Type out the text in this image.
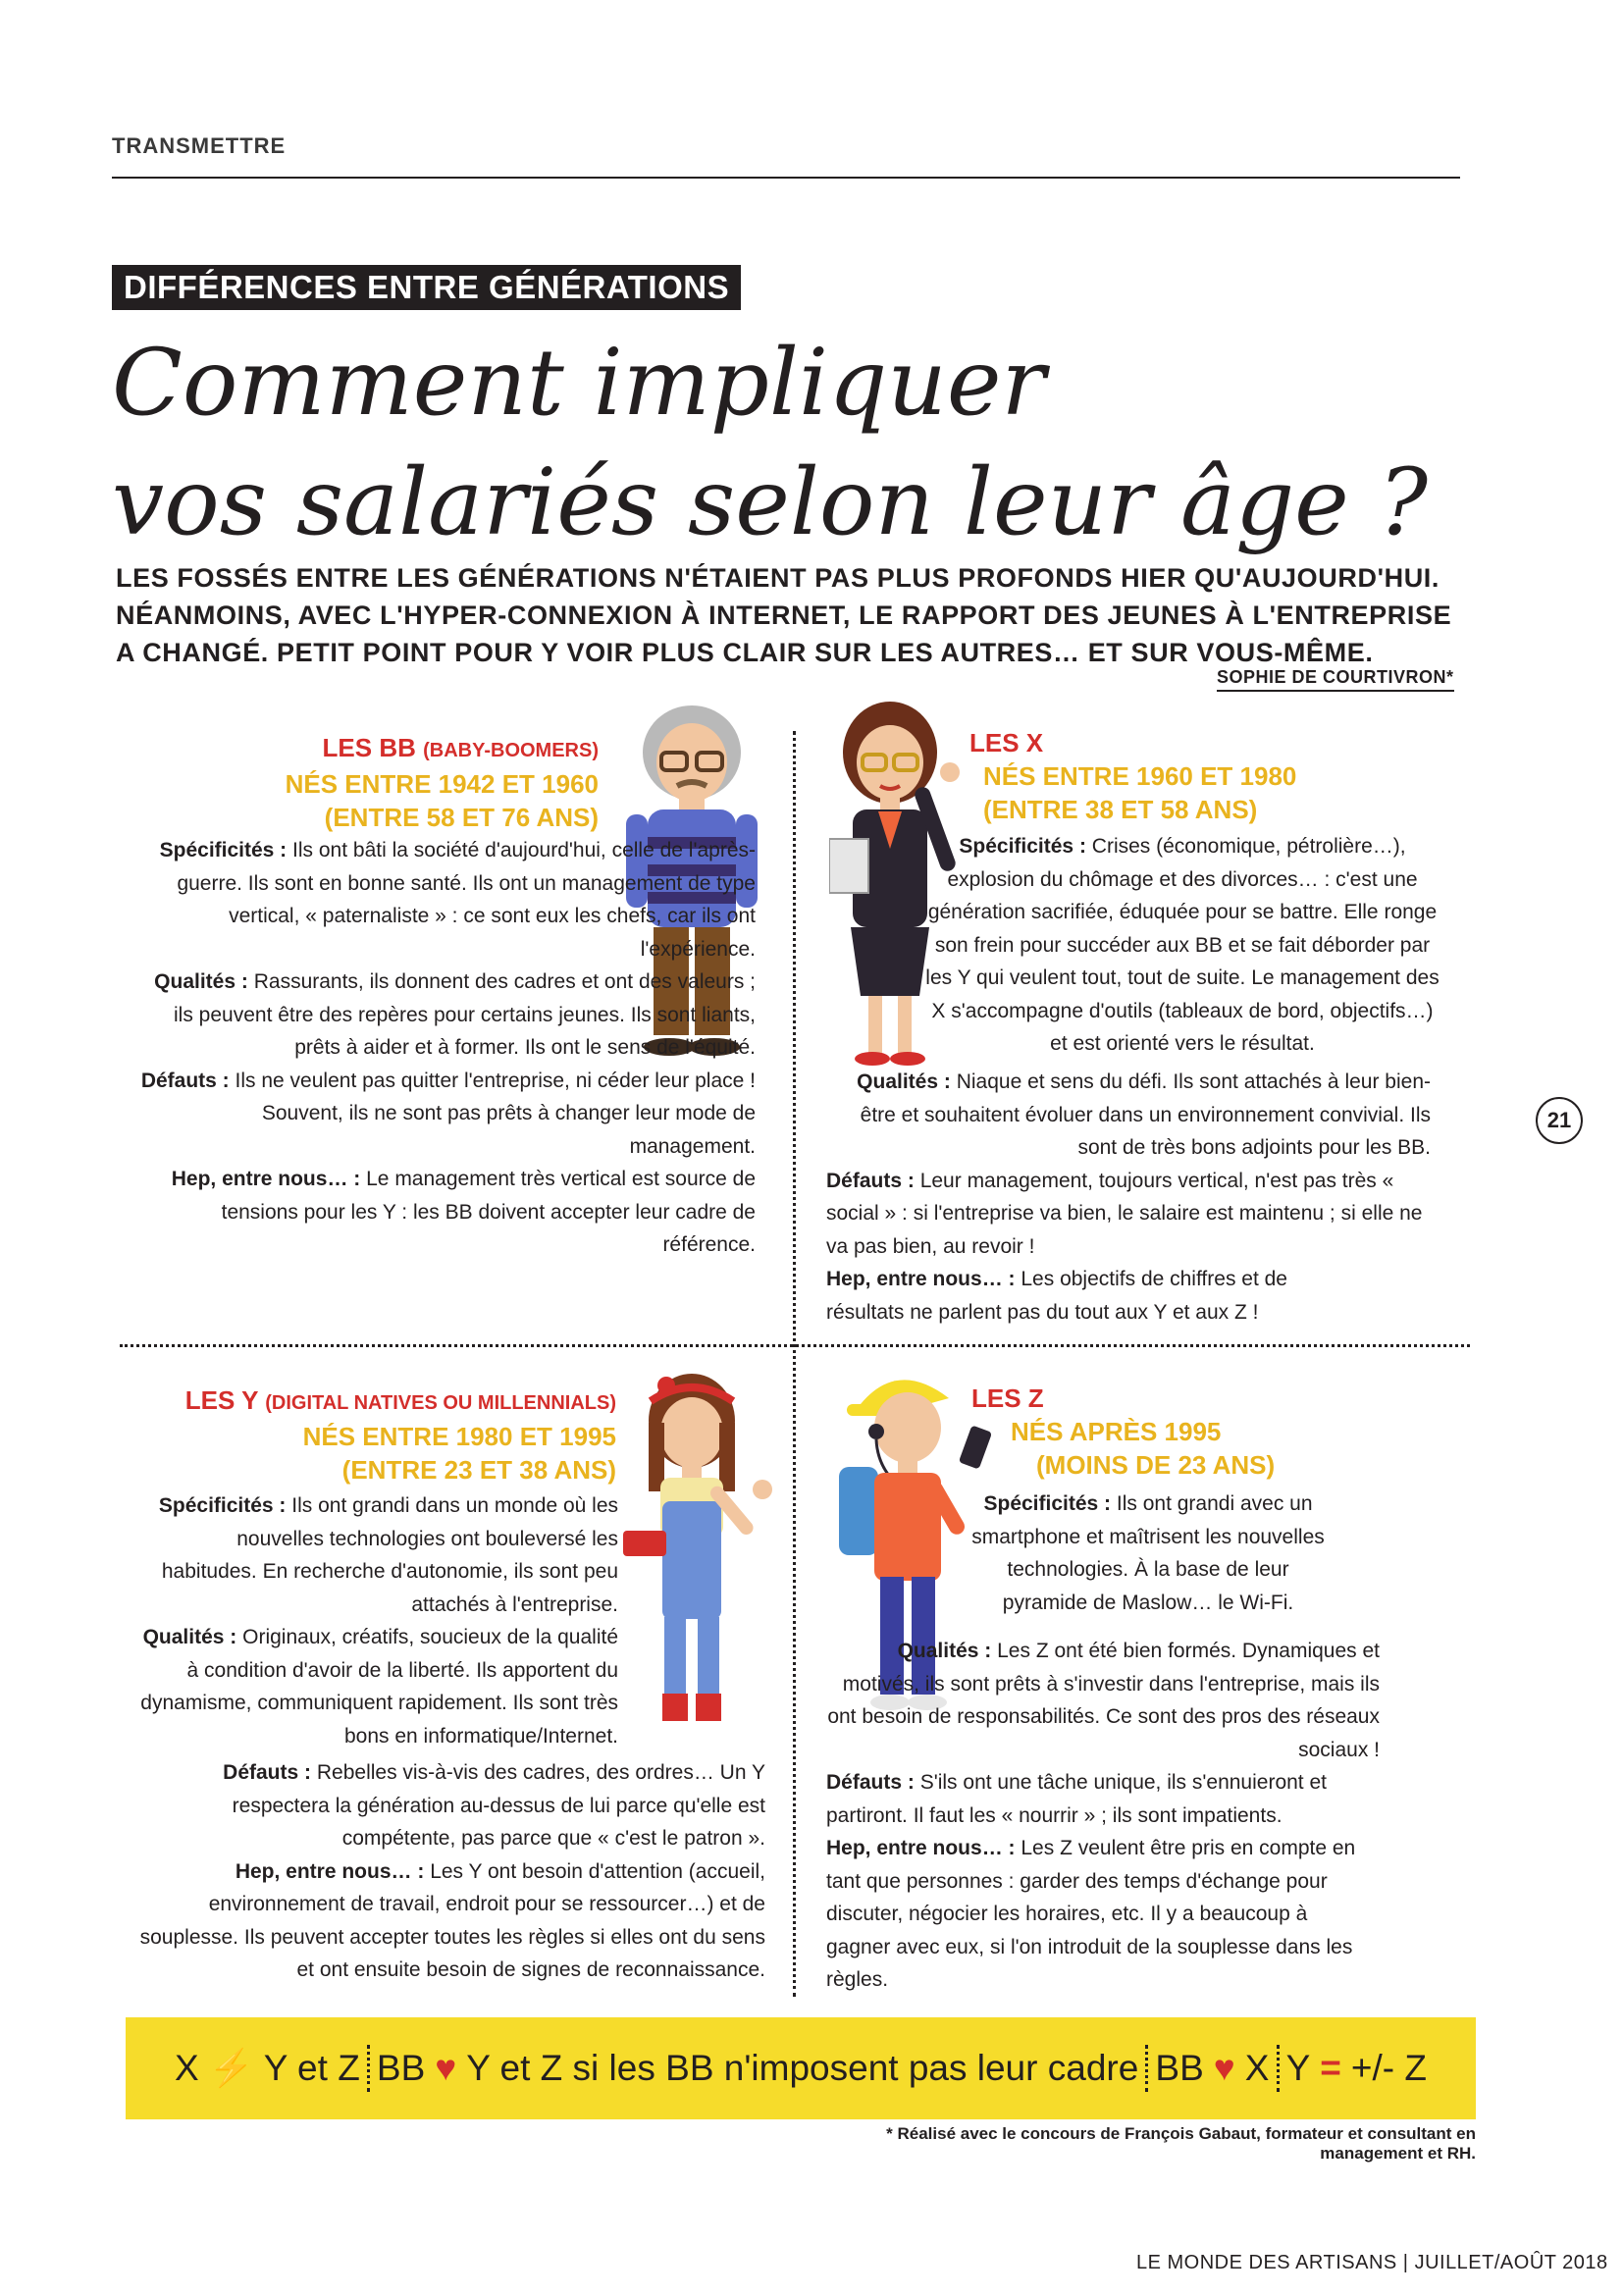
TRANSMETTRE
DIFFÉRENCES ENTRE GÉNÉRATIONS
Comment impliquer
vos salariés selon leur âge ?
LES FOSSÉS ENTRE LES GÉNÉRATIONS N'ÉTAIENT PAS PLUS PROFONDS HIER QU'AUJOURD'HUI.
NÉANMOINS, AVEC L'HYPER-CONNEXION À INTERNET, LE RAPPORT DES JEUNES À L'ENTREPRISE
A CHANGÉ. PETIT POINT POUR Y VOIR PLUS CLAIR SUR LES AUTRES… ET SUR VOUS-MÊME.
SOPHIE DE COURTIVRON*
LES BB (BABY-BOOMERS)
NÉS ENTRE 1942 ET 1960
(ENTRE 58 ET 76 ANS)

Spécificités : Ils ont bâti la société d'aujourd'hui, celle de l'après-guerre. Ils sont en bonne santé. Ils ont un management de type vertical, « paternaliste » : ce sont eux les chefs, car ils ont l'expérience.

Qualités : Rassurants, ils donnent des cadres et ont des valeurs ; ils peuvent être des repères pour certains jeunes. Ils sont liants, prêts à aider et à former. Ils ont le sens de l'équité.

Défauts : Ils ne veulent pas quitter l'entreprise, ni céder leur place ! Souvent, ils ne sont pas prêts à changer leur mode de management.

Hep, entre nous… : Le management très vertical est source de tensions pour les Y : les BB doivent accepter leur cadre de référence.

LES X
NÉS ENTRE 1960 ET 1980
(ENTRE 38 ET 58 ANS)

Spécificités : Crises (économique, pétrolière…), explosion du chômage et des divorces… : c'est une génération sacrifiée, éduquée pour se battre. Elle ronge son frein pour succéder aux BB et se fait déborder par les Y qui veulent tout, tout de suite. Le management des X s'accompagne d'outils (tableaux de bord, objectifs…) et est orienté vers le résultat.

Qualités : Niaque et sens du défi. Ils sont attachés à leur bien-être et souhaitent évoluer dans un environnement convivial. Ils sont de très bons adjoints pour les BB.

Défauts : Leur management, toujours vertical, n'est pas très « social » : si l'entreprise va bien, le salaire est maintenu ; si elle ne va pas bien, au revoir !

Hep, entre nous… : Les objectifs de chiffres et de résultats ne parlent pas du tout aux Y et aux Z !

21
LES Y (DIGITAL NATIVES OU MILLENNIALS)
NÉS ENTRE 1980 ET 1995
(ENTRE 23 ET 38 ANS)

Spécificités : Ils ont grandi dans un monde où les nouvelles technologies ont bouleversé les habitudes. En recherche d'autonomie, ils sont peu attachés à l'entreprise.

Qualités : Originaux, créatifs, soucieux de la qualité à condition d'avoir de la liberté. Ils apportent du dynamisme, communiquent rapidement. Ils sont très bons en informatique/Internet.

Défauts : Rebelles vis-à-vis des cadres, des ordres… Un Y respectera la génération au-dessus de lui parce qu'elle est compétente, pas parce que « c'est le patron ».

Hep, entre nous… : Les Y ont besoin d'attention (accueil, environnement de travail, endroit pour se ressourcer…) et de souplesse. Ils peuvent accepter toutes les règles si elles ont du sens et ont ensuite besoin de signes de reconnaissance.

LES Z
NÉS APRÈS 1995
(MOINS DE 23 ANS)

Spécificités : Ils ont grandi avec un smartphone et maîtrisent les nouvelles technologies. À la base de leur pyramide de Maslow… le Wi-Fi.

Qualités : Les Z ont été bien formés. Dynamiques et motivés, ils sont prêts à s'investir dans l'entreprise, mais ils ont besoin de responsabilités. Ce sont des pros des réseaux sociaux !

Défauts : S'ils ont une tâche unique, ils s'ennuieront et partiront. Il faut les « nourrir » ; ils sont impatients.

Hep, entre nous… : Les Z veulent être pris en compte en tant que personnes : garder des temps d'échange pour discuter, négocier les horaires, etc. Il y a beaucoup à gagner avec eux, si l'on introduit de la souplesse dans les règles.

X ⚡ Y et Z BB ♥ Y et Z si les BB n'imposent pas leur cadre BB ♥ X Y = +/- Z
* Réalisé avec le concours de François Gabaut, formateur et consultant en management et RH.
LE MONDE DES ARTISANS | JUILLET/AOÛT 2018
